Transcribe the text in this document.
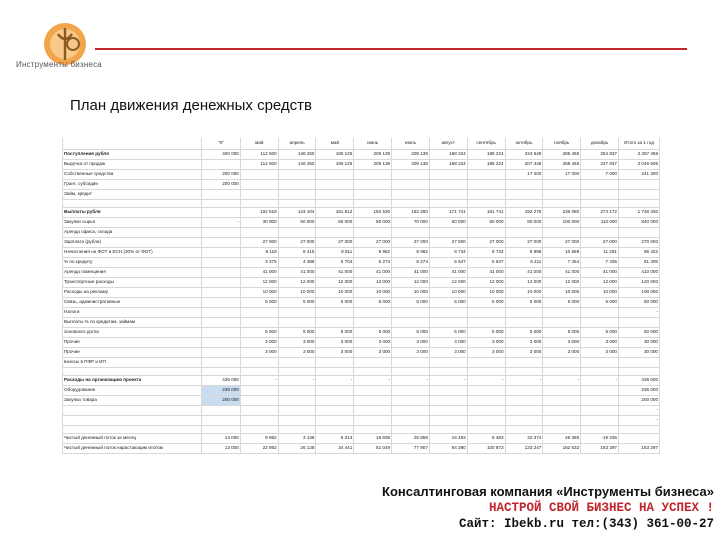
Инструменты бизнеса
План движения денежных средств
	"0"	май	апрель	май	июнь	июль	август	сентябрь	октябрь	ноябрь	декабрь	Итого за 1 год
Поступления рубля	400 000	112 500	146 250	190 125	209 138	209 138	188 224	188 224	224 649	285 465	254 837	2 357 458
Выручка от продаж		112 500	146 250	190 125	209 138	209 138	188 224	188 224	207 449	268 465	247 837	2 046 606
Собственные средства	200 000								17 400	17 000	7 000	241 300
Грант, субсидии	200 000											
Займ, кредит												

Выплаты рубля		102 518	143 104	181 812	192 530	182 280	171 741	181 741	192 275	236 080	274 172	1 748 330
Закупки сырья	-	30 000	50 000	60 000	80 000	70 000	60 000	60 000	80 000	100 000	110 000	840 000
Аренда офиса, склада												
Зарплата (рубли)		27 000	27 000	27 000	27 000	27 000	27 000	27 000	27 000	27 000	27 000	270 000
Начисления на ФОТ и ЕСН (30% от ФОТ)		8 118	8 415	8 811	8 982	8 982	8 734	8 734	8 998	10 589	11 281	95 422
% по кредиту		3 375	4 388	5 704	6 274	6 274	5 647	5 647	6 211	7 454	7 435	61 408
Аренда помещения		41 000	41 000	41 000	41 000	41 000	41 000	41 000	41 000	41 000	41 000	410 000
Транспортные расходы		12 000	12 000	12 000	12 000	12 000	12 000	12 000	12 000	12 000	12 000	120 000
Расходы на рекламу		10 000	10 000	10 000	10 000	10 000	10 000	10 000	10 000	10 000	10 000	100 000
Связь, административные		5 000	5 000	5 000	5 000	5 000	5 000	5 000	5 000	5 000	5 000	50 000
Налоги												-
Выплаты % по кредитам, займам												
основного долга		5 000	5 000	5 000	5 000	5 000	5 000	5 000	5 000	5 000	5 000	50 000
Прочие		3 000	3 000	3 000	3 000	3 000	3 000	3 000	3 000	3 000	3 000	30 000
Прочие		3 000	3 000	3 000	3 000	3 000	3 000	3 000	3 000	3 000	3 000	30 000
взносы в ПФР и ИП												

Расходы на организацию проекта	436 000	-	-	-	-	-	-	-	-	-	-	436 000
Оборудование	236 000											236 000
Закупка товара	200 000											200 000
												-
												-

Чистый денежный поток за месяц	13 000	9 982	3 146	8 313	16 608	26 858	16 483	6 483	32 374	49 385	-19 335	
Чистый денежный поток нарастающим итогом	13 000	22 982	26 128	34 441	51 049	77 907	94 390	100 873	133 247	182 632	163 297	163 297
Консалтинговая компания «Инструменты бизнеса»
НАСТРОЙ СВОЙ БИЗНЕС НА УСПЕХ !
Сайт: Ibekb.ru тел:(343) 361-00-27
